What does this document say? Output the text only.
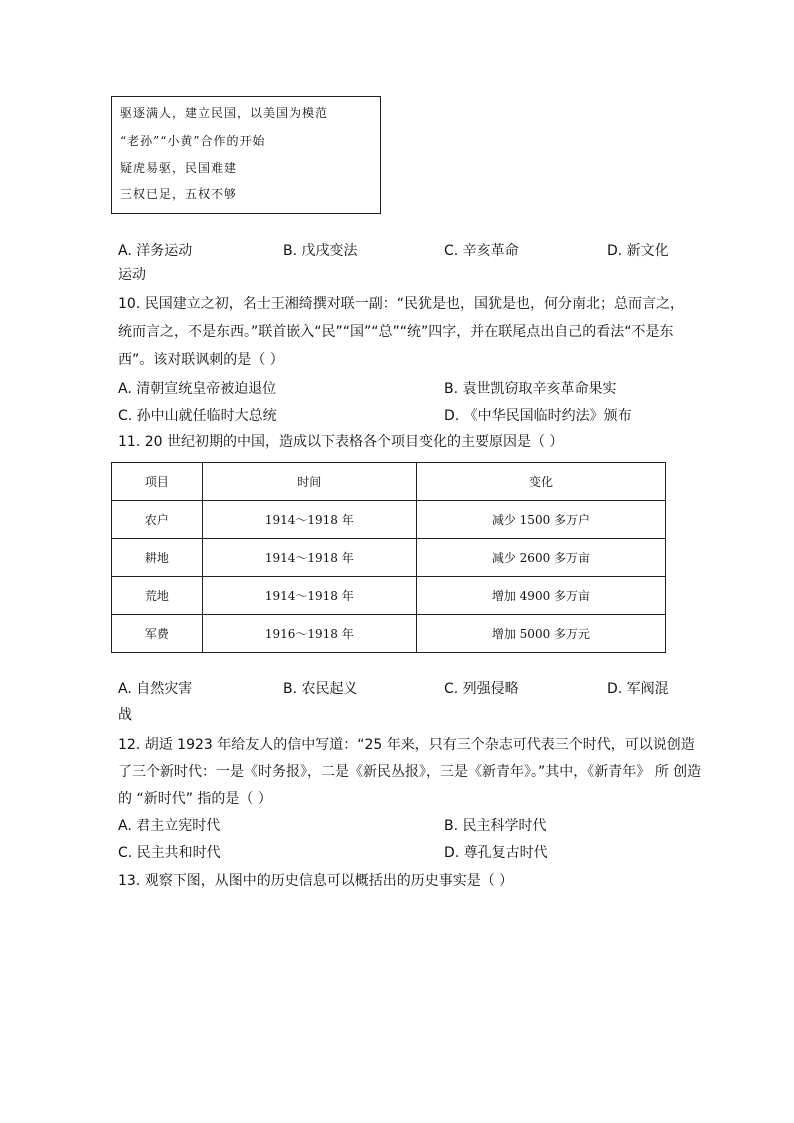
驱逐满人，建立民国，以美国为模范
“老孙”“小黄”合作的开始
疑虎易驱，民国难建
三权已足，五权不够
A. 洋务运动	B. 戊戌变法	C. 辛亥革命	D. 新文化
运动
10. 民国建立之初，名士王湘绮撰对联一副：“民犹是也，国犹是也，何分南北；总而言之，
统而言之，不是东西。”联首嵌入“民”“国”“总”“统”四字，并在联尾点出自己的看法“不是东
西”。该对联讽刺的是（ ）
A. 清朝宣统皇帝被迫退位	B. 袁世凯窃取辛亥革命果实
C. 孙中山就任临时大总统	D. 《中华民国临时约法》颁布
11. 20 世纪初期的中国，造成以下表格各个项目变化的主要原因是（ ）
项目	时间	变化
农户	1914～1918 年	减少 1500 多万户
耕地	1914～1918 年	减少 2600 多万亩
荒地	1914～1918 年	增加 4900 多万亩
军费	1916～1918 年	增加 5000 多万元
A. 自然灾害	B. 农民起义	C. 列强侵略	D. 军阀混
战
12. 胡适 1923 年给友人的信中写道：“25 年来，只有三个杂志可代表三个时代，可以说创造
了三个新时代：一是《时务报》，二是《新民丛报》，三是《新青年》。”其中，《新青年》 所 创造
的 “新时代” 指的是（ ）
A. 君主立宪时代	B. 民主科学时代
C. 民主共和时代	D. 尊孔复古时代
13. 观察下图，从图中的历史信息可以概括出的历史事实是（ ）
